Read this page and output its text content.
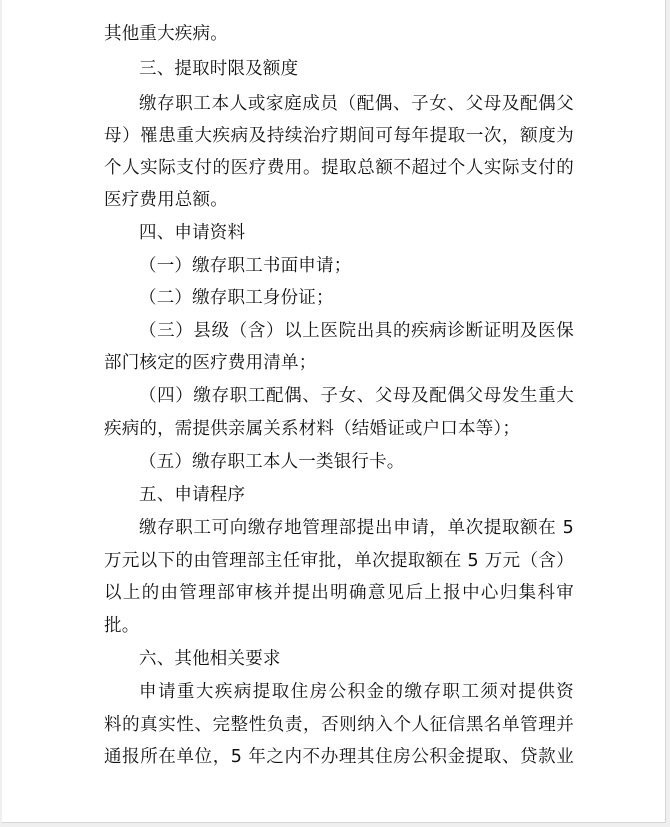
其他重大疾病。
三、提取时限及额度
缴存职工本人或家庭成员（配偶、子女、父母及配偶父
母）罹患重大疾病及持续治疗期间可每年提取一次，额度为
个人实际支付的医疗费用。提取总额不超过个人实际支付的
医疗费用总额。
四、申请资料
（一）缴存职工书面申请；
（二）缴存职工身份证；
（三）县级（含）以上医院出具的疾病诊断证明及医保
部门核定的医疗费用清单；
（四）缴存职工配偶、子女、父母及配偶父母发生重大
疾病的，需提供亲属关系材料（结婚证或户口本等）；
（五）缴存职工本人一类银行卡。
五、申请程序
缴存职工可向缴存地管理部提出申请，单次提取额在 5
万元以下的由管理部主任审批，单次提取额在 5 万元（含）
以上的由管理部审核并提出明确意见后上报中心归集科审
批。
六、其他相关要求
申请重大疾病提取住房公积金的缴存职工须对提供资
料的真实性、完整性负责，否则纳入个人征信黑名单管理并
通报所在单位，5 年之内不办理其住房公积金提取、贷款业
